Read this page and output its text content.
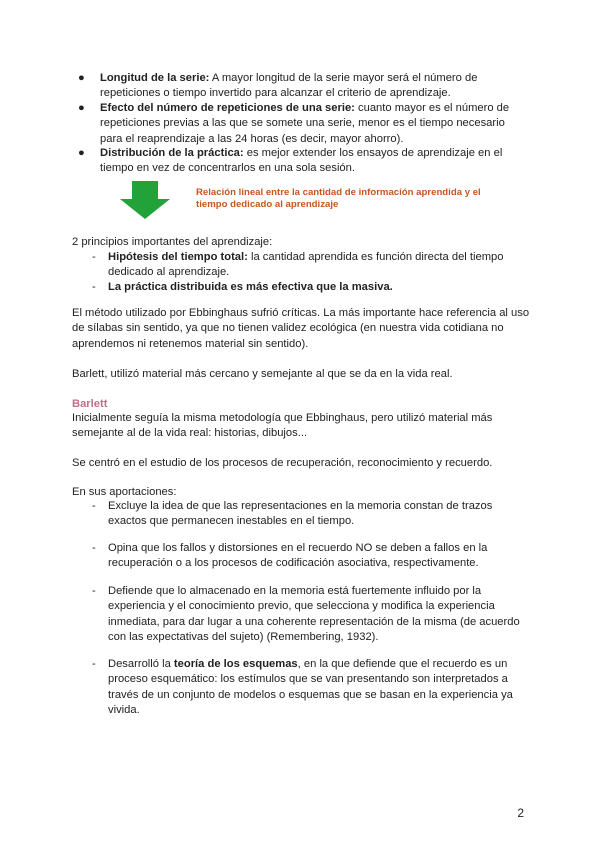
● Longitud de la serie: A mayor longitud de la serie mayor será el número de repeticiones o tiempo invertido para alcanzar el criterio de aprendizaje.
● Efecto del número de repeticiones de una serie: cuanto mayor es el número de repeticiones previas a las que se somete una serie, menor es el tiempo necesario para el reaprendizaje a las 24 horas (es decir, mayor ahorro).
● Distribución de la práctica: es mejor extender los ensayos de aprendizaje en el tiempo en vez de concentrarlos en una sola sesión.
Relación lineal entre la cantidad de información aprendida y el tiempo dedicado al aprendizaje
2 principios importantes del aprendizaje:
- Hipótesis del tiempo total: la cantidad aprendida es función directa del tiempo dedicado al aprendizaje.
- La práctica distribuida es más efectiva que la masiva.
El método utilizado por Ebbinghaus sufrió críticas. La más importante hace referencia al uso de sílabas sin sentido, ya que no tienen validez ecológica (en nuestra vida cotidiana no aprendemos ni retenemos material sin sentido).
Barlett, utilizó material más cercano y semejante al que se da en la vida real.
Barlett
Inicialmente seguía la misma metodología que Ebbinghaus, pero utilizó material más semejante al de la vida real: historias, dibujos...
Se centró en el estudio de los procesos de recuperación, reconocimiento y recuerdo.
En sus aportaciones:
- Excluye la idea de que las representaciones en la memoria constan de trazos exactos que permanecen inestables en el tiempo.
- Opina que los fallos y distorsiones en el recuerdo NO se deben a fallos en la recuperación o a los procesos de codificación asociativa, respectivamente.
- Defiende que lo almacenado en la memoria está fuertemente influido por la experiencia y el conocimiento previo, que selecciona y modifica la experiencia inmediata, para dar lugar a una coherente representación de la misma (de acuerdo con las expectativas del sujeto) (Remembering, 1932).
- Desarrolló la teoría de los esquemas, en la que defiende que el recuerdo es un proceso esquemático: los estímulos que se van presentando son interpretados a través de un conjunto de modelos o esquemas que se basan en la experiencia ya vivida.
2
